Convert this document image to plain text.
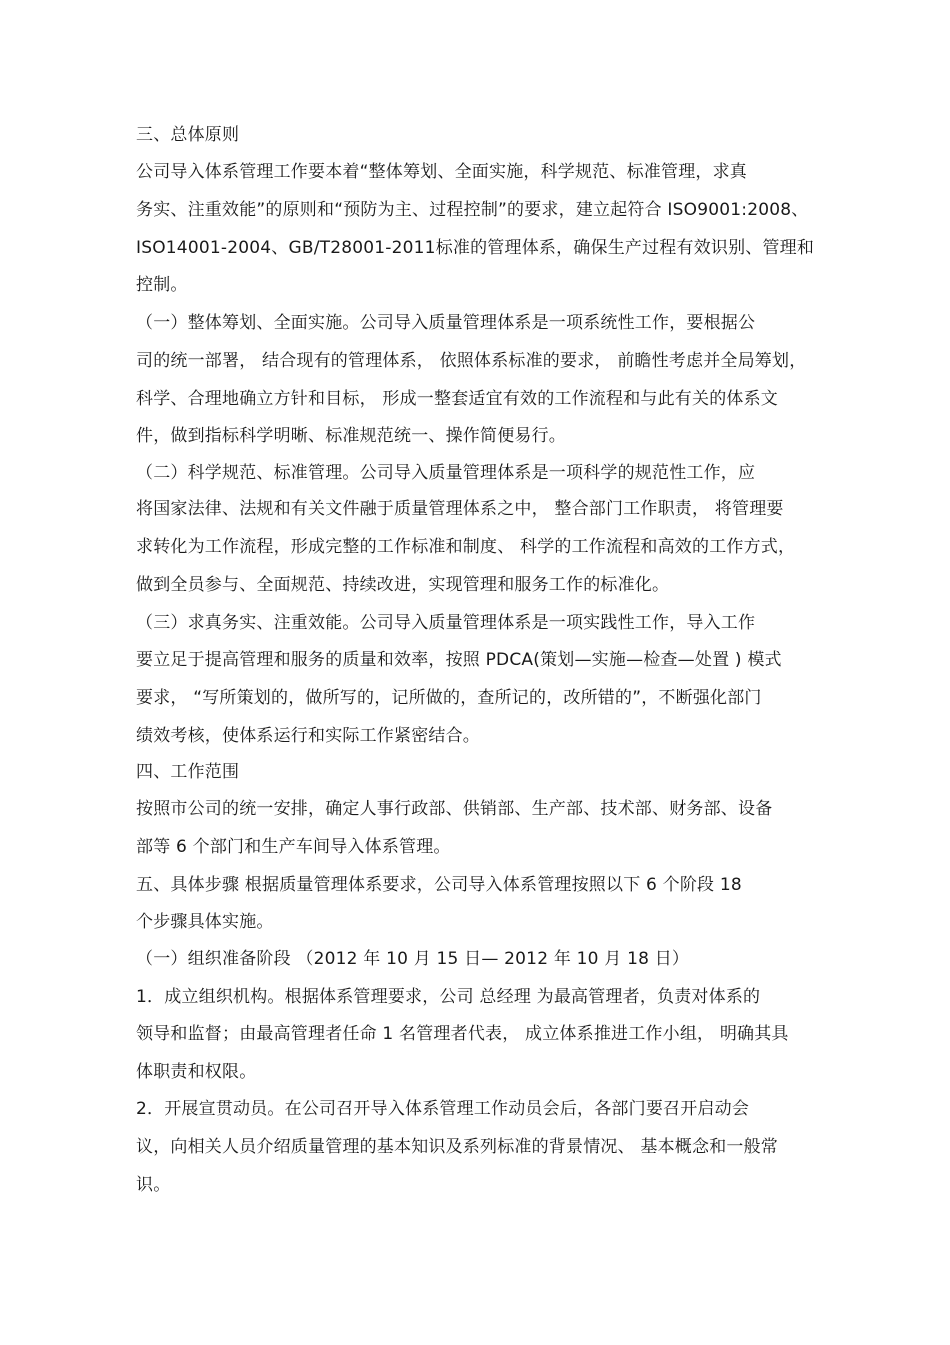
三、总体原则
公司导入体系管理工作要本着“整体筹划、全面实施，科学规范、标准管理，求真
务实、注重效能”的原则和“预防为主、过程控制”的要求，建立起符合 ISO9001:2008、
ISO14001-2004、GB/T28001-2011标准的管理体系，确保生产过程有效识别、管理和
控制。
（一）整体筹划、全面实施。公司导入质量管理体系是一项系统性工作，要根据公
司的统一部署， 结合现有的管理体系， 依照体系标准的要求， 前瞻性考虑并全局筹划，
科学、合理地确立方针和目标， 形成一整套适宜有效的工作流程和与此有关的体系文
件，做到指标科学明晰、标准规范统一、操作简便易行。
（二）科学规范、标准管理。公司导入质量管理体系是一项科学的规范性工作，应
将国家法律、法规和有关文件融于质量管理体系之中， 整合部门工作职责， 将管理要
求转化为工作流程，形成完整的工作标准和制度、 科学的工作流程和高效的工作方式，
做到全员参与、全面规范、持续改进，实现管理和服务工作的标准化。
（三）求真务实、注重效能。公司导入质量管理体系是一项实践性工作，导入工作
要立足于提高管理和服务的质量和效率，按照 PDCA(策划—实施—检查—处置 ) 模式
要求， “写所策划的，做所写的，记所做的，查所记的，改所错的”，不断强化部门
绩效考核，使体系运行和实际工作紧密结合。
四、工作范围
按照市公司的统一安排，确定人事行政部、供销部、生产部、技术部、财务部、设备
部等 6 个部门和生产车间导入体系管理。
五、具体步骤 根据质量管理体系要求，公司导入体系管理按照以下 6 个阶段 18
个步骤具体实施。
（一）组织准备阶段 （2012 年 10 月 15 日— 2012 年 10 月 18 日）
1．成立组织机构。根据体系管理要求，公司 总经理 为最高管理者，负责对体系的
领导和监督；由最高管理者任命 1 名管理者代表， 成立体系推进工作小组， 明确其具
体职责和权限。
2．开展宣贯动员。在公司召开导入体系管理工作动员会后，各部门要召开启动会
议，向相关人员介绍质量管理的基本知识及系列标准的背景情况、 基本概念和一般常
识。
